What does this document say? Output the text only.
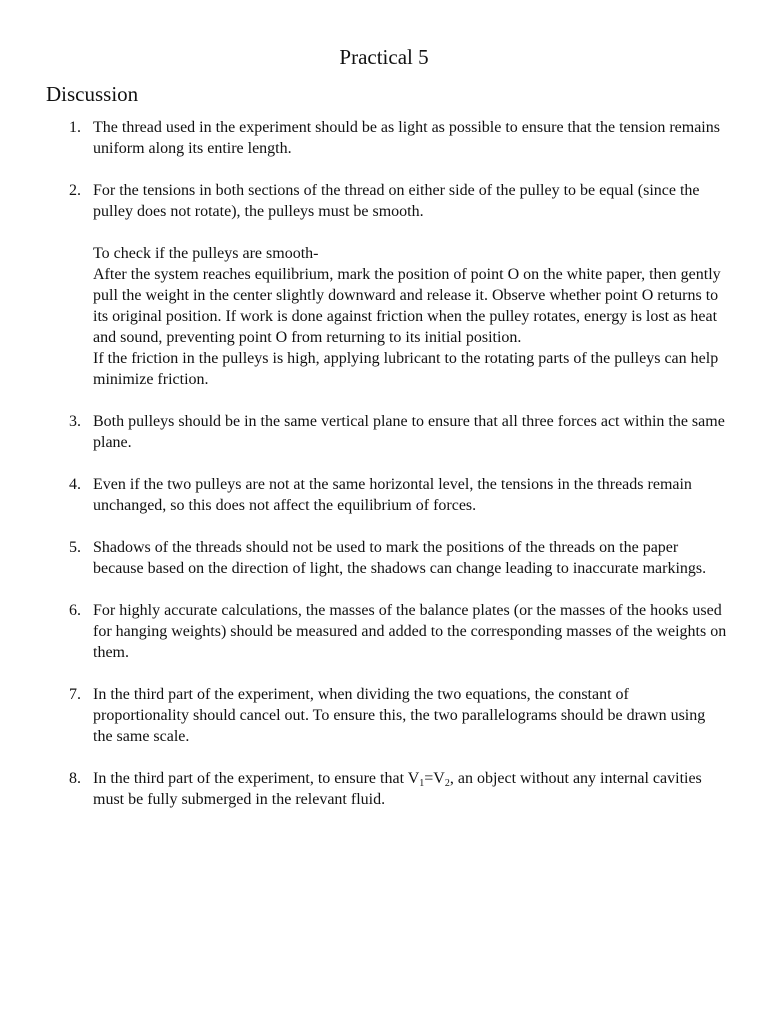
Practical 5
Discussion
1. The thread used in the experiment should be as light as possible to ensure that the tension remains uniform along its entire length.
2. For the tensions in both sections of the thread on either side of the pulley to be equal (since the pulley does not rotate), the pulleys must be smooth.
To check if the pulleys are smooth-
After the system reaches equilibrium, mark the position of point O on the white paper, then gently pull the weight in the center slightly downward and release it. Observe whether point O returns to its original position. If work is done against friction when the pulley rotates, energy is lost as heat and sound, preventing point O from returning to its initial position.
If the friction in the pulleys is high, applying lubricant to the rotating parts of the pulleys can help minimize friction.
3. Both pulleys should be in the same vertical plane to ensure that all three forces act within the same plane.
4. Even if the two pulleys are not at the same horizontal level, the tensions in the threads remain unchanged, so this does not affect the equilibrium of forces.
5. Shadows of the threads should not be used to mark the positions of the threads on the paper because based on the direction of light, the shadows can change leading to inaccurate markings.
6. For highly accurate calculations, the masses of the balance plates (or the masses of the hooks used for hanging weights) should be measured and added to the corresponding masses of the weights on them.
7. In the third part of the experiment, when dividing the two equations, the constant of proportionality should cancel out. To ensure this, the two parallelograms should be drawn using the same scale.
8. In the third part of the experiment, to ensure that $V_1=V_2$, an object without any internal cavities must be fully submerged in the relevant fluid.
